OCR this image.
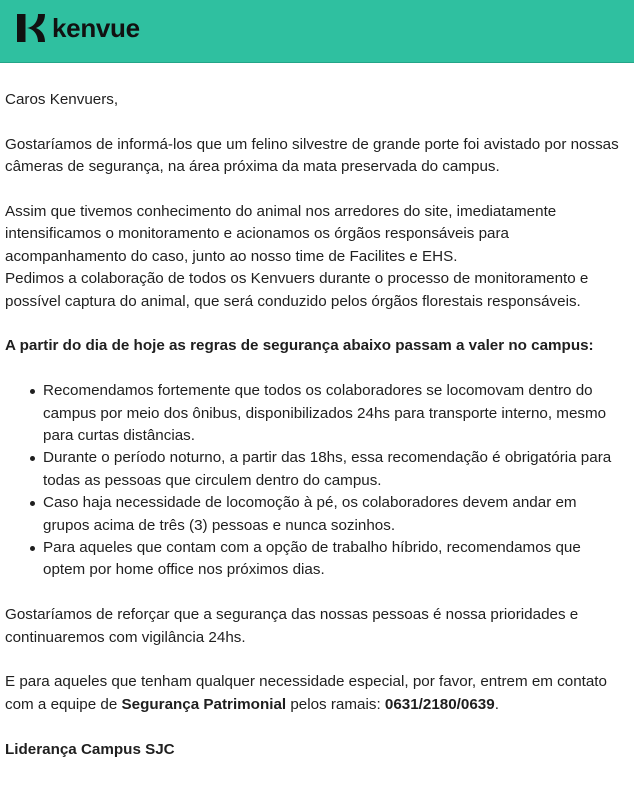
kenvue

Caros Kenvuers,

Gostaríamos de informá-los que um felino silvestre de grande porte foi avistado por nossas câmeras de segurança, na área próxima da mata preservada do campus.

Assim que tivemos conhecimento do animal nos arredores do site, imediatamente intensificamos o monitoramento e acionamos os órgãos responsáveis para acompanhamento do caso, junto ao nosso time de Facilites e EHS.

Pedimos a colaboração de todos os Kenvuers durante o processo de monitoramento e possível captura do animal, que será conduzido pelos órgãos florestais responsáveis.

A partir do dia de hoje as regras de segurança abaixo passam a valer no campus:

Recomendamos fortemente que todos os colaboradores se locomovam dentro do campus por meio dos ônibus, disponibilizados 24hs para transporte interno, mesmo para curtas distâncias.
Durante o período noturno, a partir das 18hs, essa recomendação é obrigatória para todas as pessoas que circulem dentro do campus.
Caso haja necessidade de locomoção à pé, os colaboradores devem andar em grupos acima de três (3) pessoas e nunca sozinhos.
Para aqueles que contam com a opção de trabalho híbrido, recomendamos que optem por home office nos próximos dias.

Gostaríamos de reforçar que a segurança das nossas pessoas é nossa prioridades e continuaremos com vigilância 24hs.

E para aqueles que tenham qualquer necessidade especial, por favor, entrem em contato com a equipe de Segurança Patrimonial pelos ramais: 0631/2180/0639.

Liderança Campus SJC
